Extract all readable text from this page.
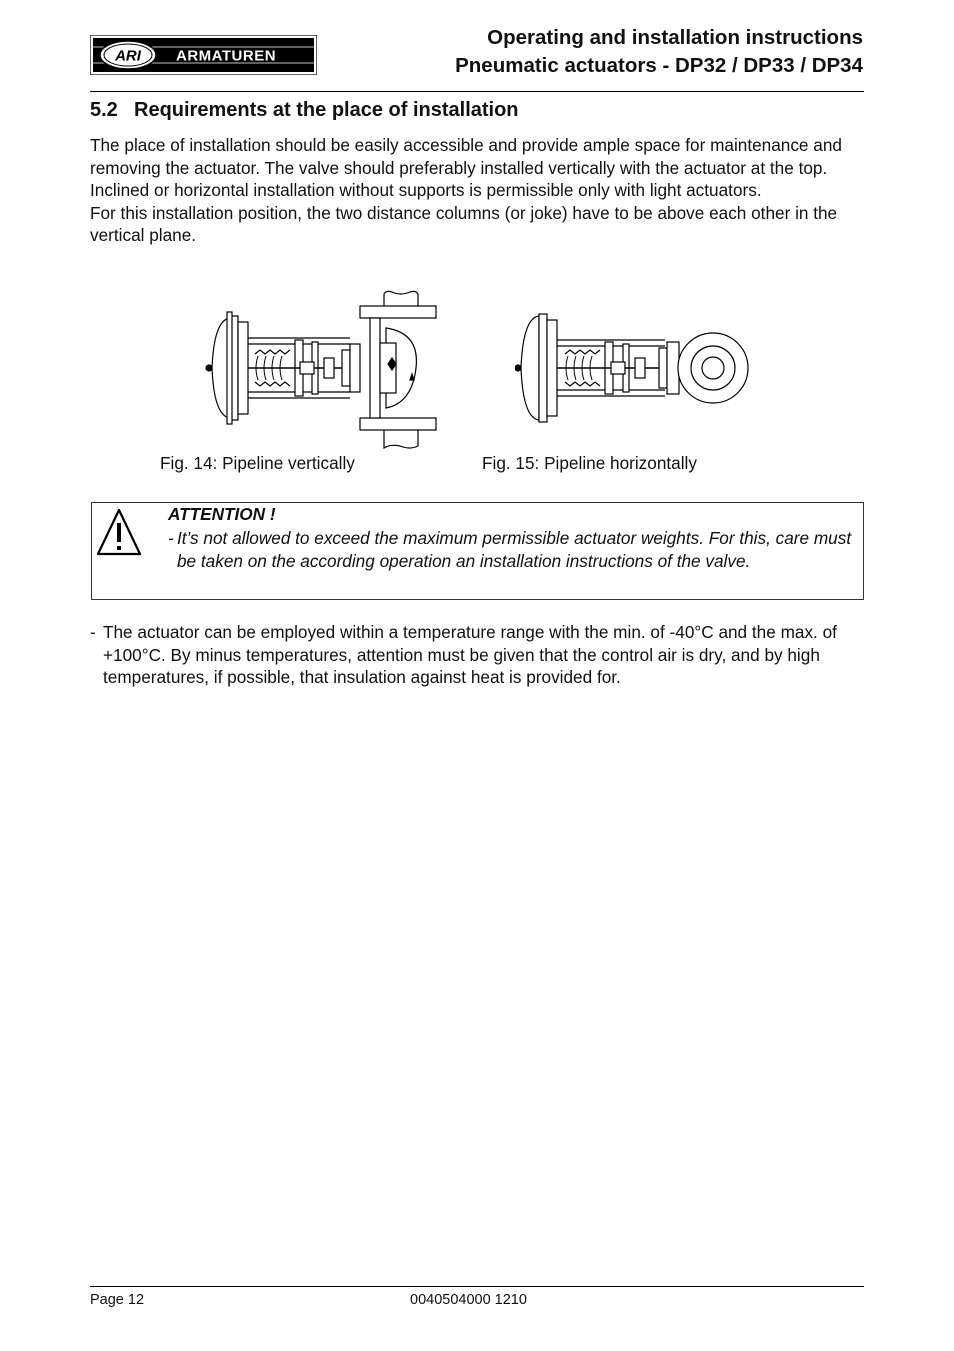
ARI ARMATUREN
Operating and installation instructions
Pneumatic actuators - DP32 / DP33 / DP34
5.2 Requirements at the place of installation

The place of installation should be easily accessible and provide ample space for maintenance and removing the actuator. The valve should preferably installed vertically with the actuator at the top. Inclined or horizontal installation without supports is permissible only with light actuators.

For this installation position, the two distance columns (or joke) have to be above each other in the vertical plane.

Fig. 14: Pipeline vertically	Fig. 15: Pipeline horizontally
ATTENTION !
- It’s not allowed to exceed the maximum permissible actuator weights. For this, care must be taken on the according operation an installation instructions of the valve.
- The actuator can be employed within a temperature range with the min. of -40°C and the max. of +100°C. By minus temperatures, attention must be given that the control air is dry, and by high temperatures, if possible, that insulation against heat is provided for.
Page 12	0040504000 1210
